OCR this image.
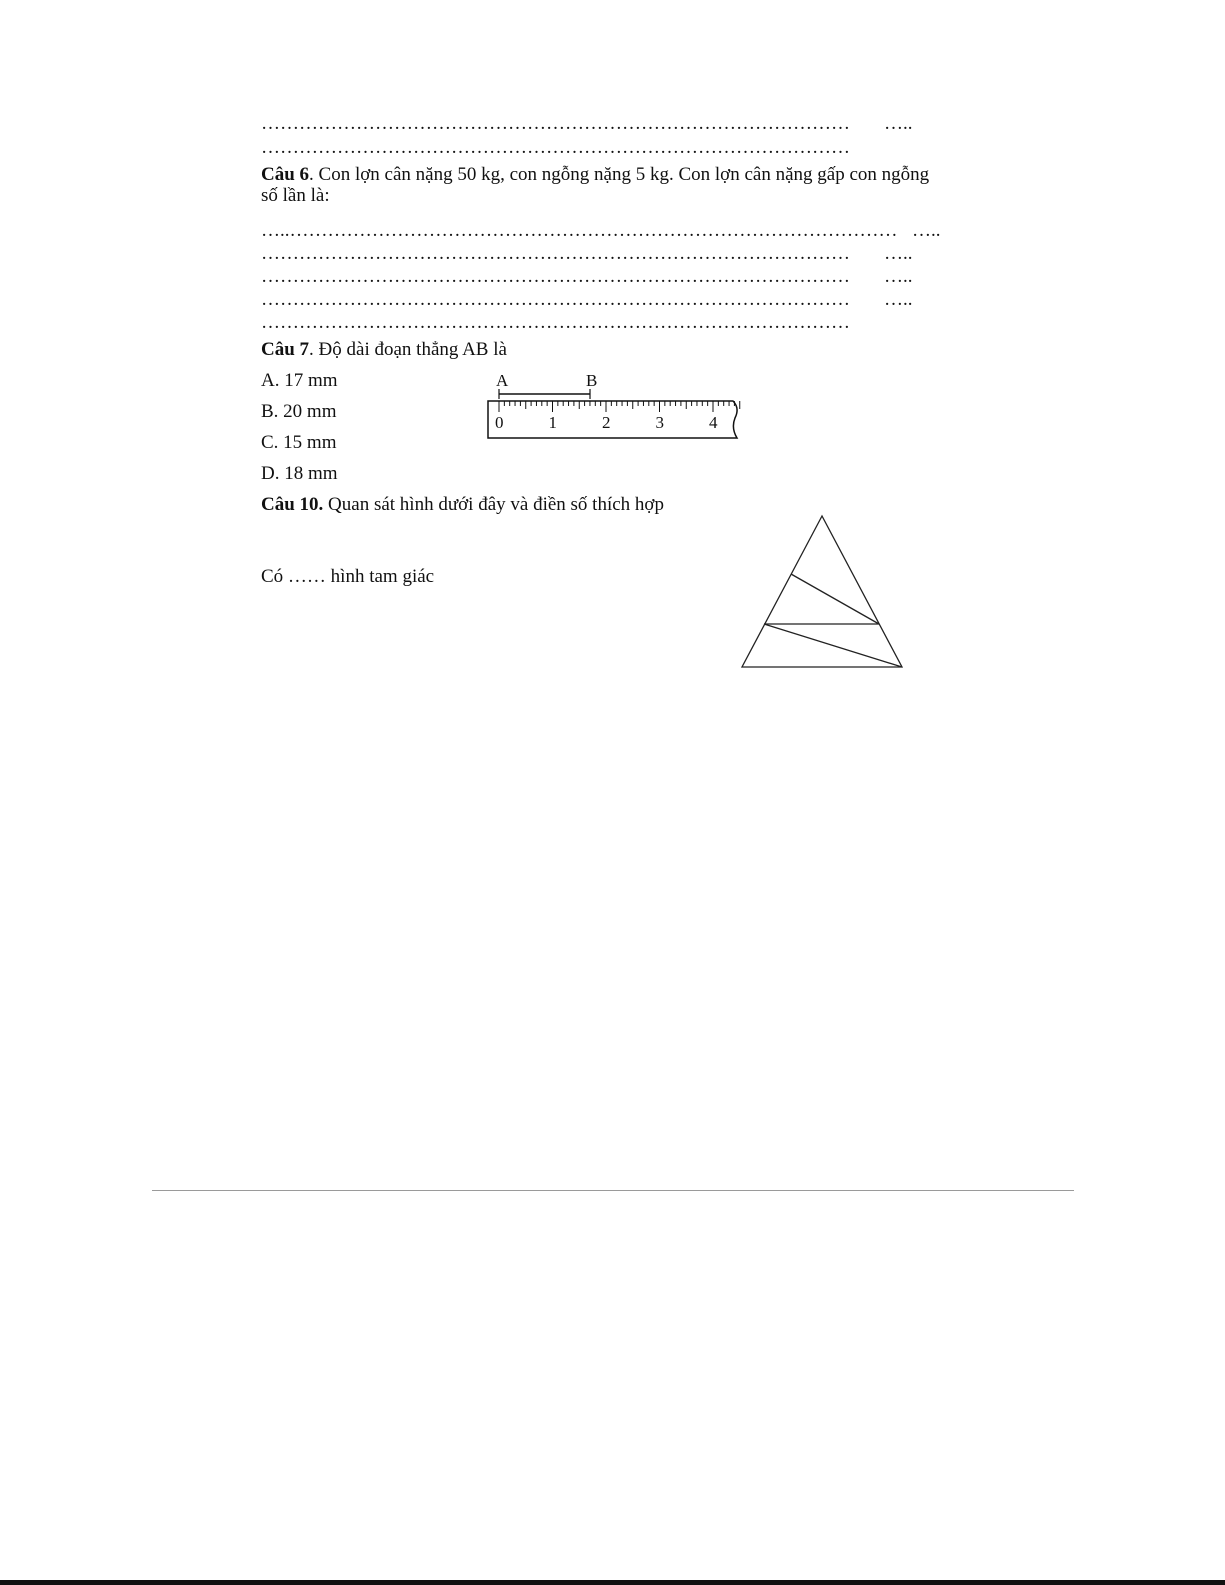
………………………………………………………………………………… …..
…………………………………………………………………………………
Câu 6. Con lợn cân nặng 50 kg, con ngỗng nặng 5 kg. Con lợn cân nặng gấp con ngỗng
số lần là:
…..…………………………………………………………………………………… …..
………………………………………………………………………………… …..
………………………………………………………………………………… …..
………………………………………………………………………………… …..
…………………………………………………………………………………
Câu 7. Độ dài đoạn thẳng AB là
A. 17 mm
B. 20 mm
C. 15 mm
D. 18 mm
A	B
0	1	2	3	4
Câu 10. Quan sát hình dưới đây và điền số thích hợp
Có …… hình tam giác
